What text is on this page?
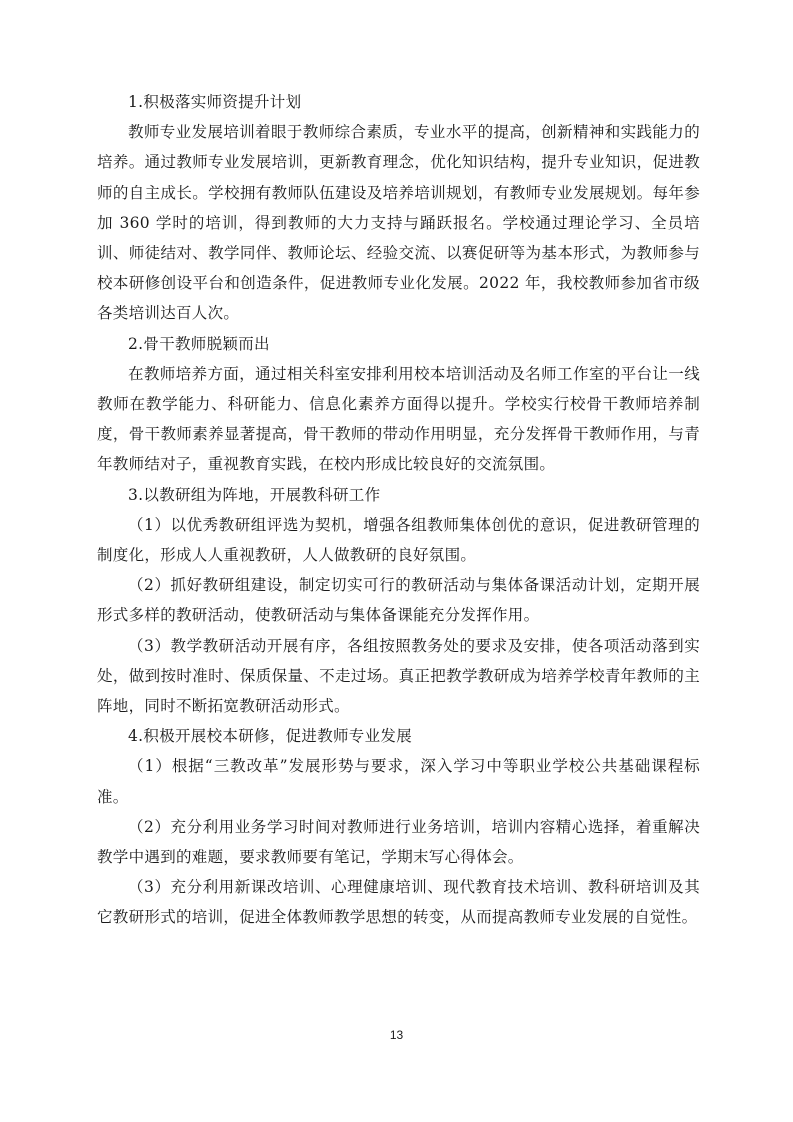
1.积极落实师资提升计划

教师专业发展培训着眼于教师综合素质，专业水平的提高，创新精神和实践能力的培养。通过教师专业发展培训，更新教育理念，优化知识结构，提升专业知识，促进教师的自主成长。学校拥有教师队伍建设及培养培训规划，有教师专业发展规划。每年参加 360 学时的培训，得到教师的大力支持与踊跃报名。学校通过理论学习、全员培训、师徒结对、教学同伴、教师论坛、经验交流、以赛促研等为基本形式，为教师参与校本研修创设平台和创造条件，促进教师专业化发展。2022 年，我校教师参加省市级各类培训达百人次。

2.骨干教师脱颖而出

在教师培养方面，通过相关科室安排利用校本培训活动及名师工作室的平台让一线教师在教学能力、科研能力、信息化素养方面得以提升。学校实行校骨干教师培养制度，骨干教师素养显著提高，骨干教师的带动作用明显，充分发挥骨干教师作用，与青年教师结对子，重视教育实践，在校内形成比较良好的交流氛围。

3.以教研组为阵地，开展教科研工作

（1）以优秀教研组评选为契机，增强各组教师集体创优的意识，促进教研管理的制度化，形成人人重视教研，人人做教研的良好氛围。

（2）抓好教研组建设，制定切实可行的教研活动与集体备课活动计划，定期开展形式多样的教研活动，使教研活动与集体备课能充分发挥作用。

（3）教学教研活动开展有序，各组按照教务处的要求及安排，使各项活动落到实处，做到按时准时、保质保量、不走过场。真正把教学教研成为培养学校青年教师的主阵地，同时不断拓宽教研活动形式。

4.积极开展校本研修，促进教师专业发展

（1）根据“三教改革”发展形势与要求，深入学习中等职业学校公共基础课程标准。

（2）充分利用业务学习时间对教师进行业务培训，培训内容精心选择，着重解决教学中遇到的难题，要求教师要有笔记，学期末写心得体会。

（3）充分利用新课改培训、心理健康培训、现代教育技术培训、教科研培训及其它教研形式的培训，促进全体教师教学思想的转变，从而提高教师专业发展的自觉性。

13
